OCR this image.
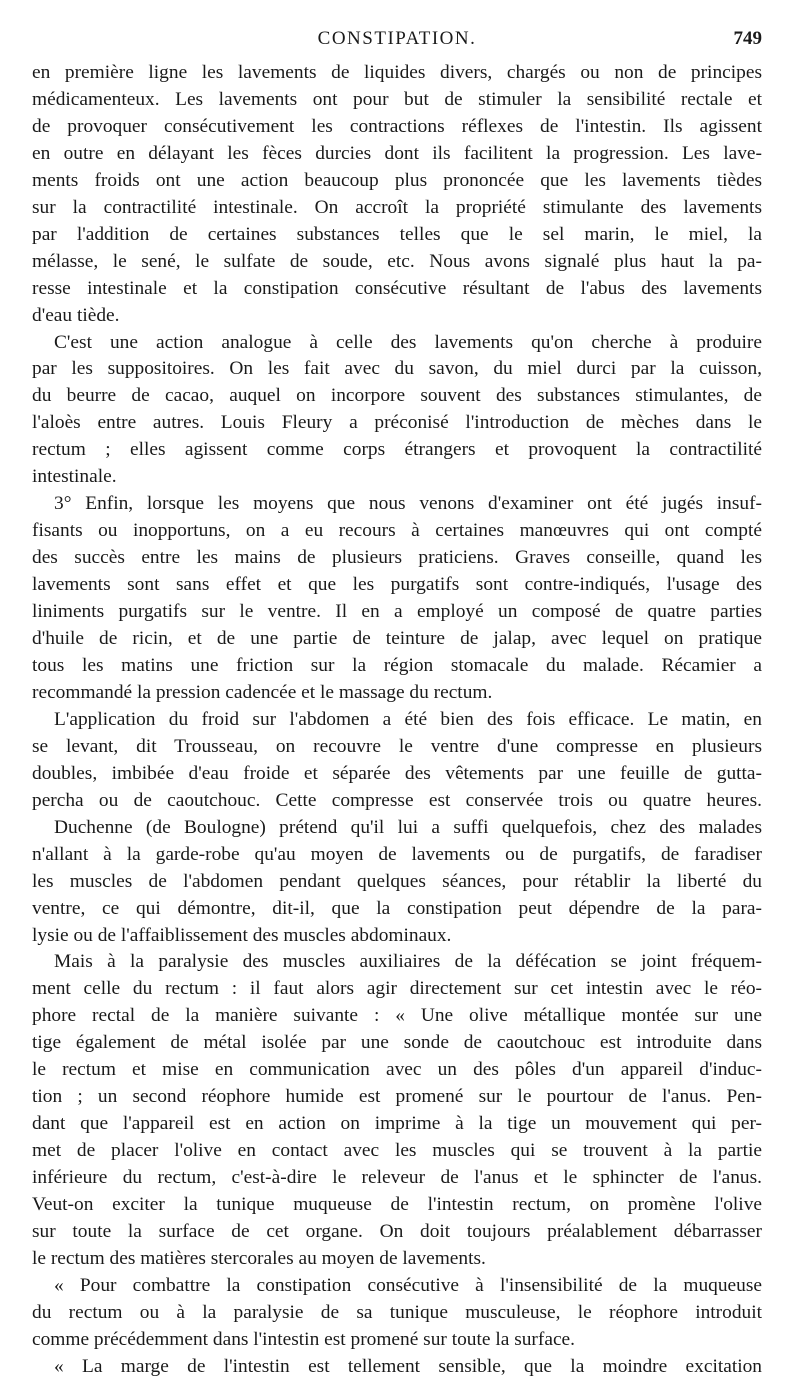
CONSTIPATION.	749

en première ligne les lavements de liquides divers, chargés ou non de principes

médicamenteux. Les lavements ont pour but de stimuler la sensibilité rectale et

de provoquer consécutivement les contractions réflexes de l'intestin. Ils agissent

en outre en délayant les fèces durcies dont ils facilitent la progression. Les lave-

ments froids ont une action beaucoup plus prononcée que les lavements tièdes

sur la contractilité intestinale. On accroît la propriété stimulante des lavements

par l'addition de certaines substances telles que le sel marin, le miel, la

mélasse, le sené, le sulfate de soude, etc. Nous avons signalé plus haut la pa-

resse intestinale et la constipation consécutive résultant de l'abus des lavements

d'eau tiède.

C'est une action analogue à celle des lavements qu'on cherche à produire

par les suppositoires. On les fait avec du savon, du miel durci par la cuisson,

du beurre de cacao, auquel on incorpore souvent des substances stimulantes, de

l'aloès entre autres. Louis Fleury a préconisé l'introduction de mèches dans le

rectum ; elles agissent comme corps étrangers et provoquent la contractilité

intestinale.

3° Enfin, lorsque les moyens que nous venons d'examiner ont été jugés insuf-

fisants ou inopportuns, on a eu recours à certaines manœuvres qui ont compté

des succès entre les mains de plusieurs praticiens. Graves conseille, quand les

lavements sont sans effet et que les purgatifs sont contre-indiqués, l'usage des

liniments purgatifs sur le ventre. Il en a employé un composé de quatre parties

d'huile de ricin, et de une partie de teinture de jalap, avec lequel on pratique

tous les matins une friction sur la région stomacale du malade. Récamier a

recommandé la pression cadencée et le massage du rectum.

L'application du froid sur l'abdomen a été bien des fois efficace. Le matin, en

se levant, dit Trousseau, on recouvre le ventre d'une compresse en plusieurs

doubles, imbibée d'eau froide et séparée des vêtements par une feuille de gutta-

percha ou de caoutchouc. Cette compresse est conservée trois ou quatre heures.

Duchenne (de Boulogne) prétend qu'il lui a suffi quelquefois, chez des malades

n'allant à la garde-robe qu'au moyen de lavements ou de purgatifs, de faradiser

les muscles de l'abdomen pendant quelques séances, pour rétablir la liberté du

ventre, ce qui démontre, dit-il, que la constipation peut dépendre de la para-

lysie ou de l'affaiblissement des muscles abdominaux.

Mais à la paralysie des muscles auxiliaires de la défécation se joint fréquem-

ment celle du rectum : il faut alors agir directement sur cet intestin avec le réo-

phore rectal de la manière suivante : « Une olive métallique montée sur une

tige également de métal isolée par une sonde de caoutchouc est introduite dans

le rectum et mise en communication avec un des pôles d'un appareil d'induc-

tion ; un second réophore humide est promené sur le pourtour de l'anus. Pen-

dant que l'appareil est en action on imprime à la tige un mouvement qui per-

met de placer l'olive en contact avec les muscles qui se trouvent à la partie

inférieure du rectum, c'est-à-dire le releveur de l'anus et le sphincter de l'anus.

Veut-on exciter la tunique muqueuse de l'intestin rectum, on promène l'olive

sur toute la surface de cet organe. On doit toujours préalablement débarrasser

le rectum des matières stercorales au moyen de lavements.

« Pour combattre la constipation consécutive à l'insensibilité de la muqueuse

du rectum ou à la paralysie de sa tunique musculeuse, le réophore introduit

comme précédemment dans l'intestin est promené sur toute la surface.

« La marge de l'intestin est tellement sensible, que la moindre excitation
